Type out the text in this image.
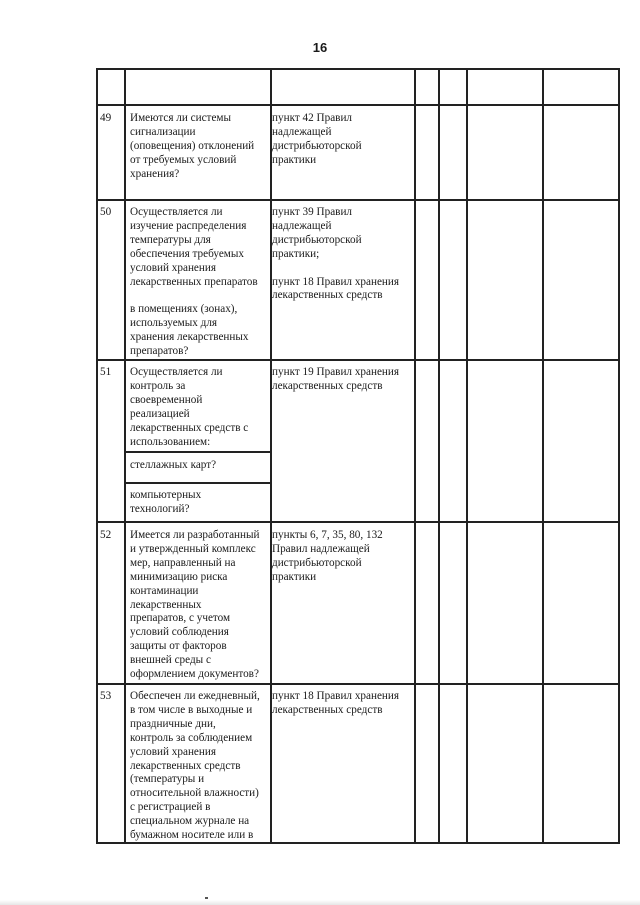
16
49 Имеются ли системы
сигнализации
(оповещения) отклонений
от требуемых условий
хранения?
пункт 42 Правил
надлежащей
дистрибьюторской
практики
50 Осуществляется ли
изучение распределения
температуры для
обеспечения требуемых
условий хранения
лекарственных препаратов

в помещениях (зонах),
используемых для
хранения лекарственных
препаратов?
пункт 39 Правил
надлежащей
дистрибьюторской
практики;

пункт 18 Правил хранения
лекарственных средств
51 Осуществляется ли
контроль за
своевременной
реализацией
лекарственных средств с
использованием:
стеллажных карт?
компьютерных
технологий?
пункт 19 Правил хранения
лекарственных средств
52 Имеется ли разработанный
и утвержденный комплекс
мер, направленный на
минимизацию риска
контаминации
лекарственных
препаратов, с учетом
условий соблюдения
защиты от факторов
внешней среды с
оформлением документов?
пункты 6, 7, 35, 80, 132
Правил надлежащей
дистрибьюторской
практики
53 Обеспечен ли ежедневный,
в том числе в выходные и
праздничные дни,
контроль за соблюдением
условий хранения
лекарственных средств
(температуры и
относительной влажности)
с регистрацией в
специальном журнале на
бумажном носителе или в
пункт 18 Правил хранения
лекарственных средств
